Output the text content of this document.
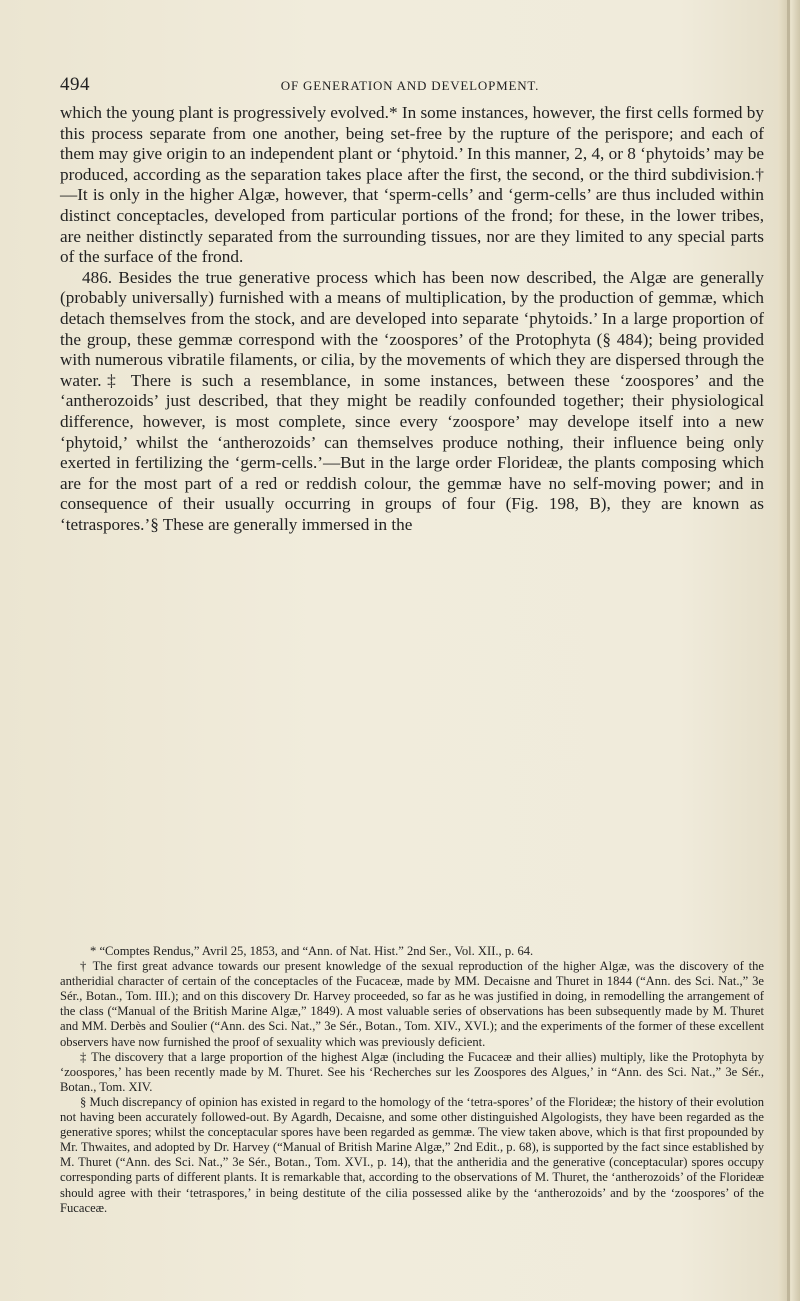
494	OF GENERATION AND DEVELOPMENT.

which the young plant is progressively evolved.* In some instances, however, the first cells formed by this process separate from one another, being set-free by the rupture of the perispore; and each of them may give origin to an independent plant or ‘phytoid.’ In this manner, 2, 4, or 8 ‘phytoids’ may be produced, according as the separation takes place after the first, the second, or the third subdivision.†—It is only in the higher Algæ, however, that ‘sperm-cells’ and ‘germ-cells’ are thus included within distinct conceptacles, developed from particular portions of the frond; for these, in the lower tribes, are neither distinctly separated from the surrounding tissues, nor are they limited to any special parts of the surface of the frond.

486. Besides the true generative process which has been now described, the Algæ are generally (probably universally) furnished with a means of multiplication, by the production of gemmæ, which detach themselves from the stock, and are developed into separate ‘phytoids.’ In a large proportion of the group, these gemmæ correspond with the ‘zoospores’ of the Protophyta (§ 484); being provided with numerous vibratile filaments, or cilia, by the movements of which they are dispersed through the water.‡ There is such a resemblance, in some instances, between these ‘zoospores’ and the ‘antherozoids’ just described, that they might be readily confounded together; their physiological difference, however, is most complete, since every ‘zoospore’ may develope itself into a new ‘phytoid,’ whilst the ‘antherozoids’ can themselves produce nothing, their influence being only exerted in fertilizing the ‘germ-cells.’—But in the large order Florideæ, the plants composing which are for the most part of a red or reddish colour, the gemmæ have no self-moving power; and in consequence of their usually occurring in groups of four (Fig. 198, B), they are known as ‘tetraspores.’§ These are generally immersed in the

* “Comptes Rendus,” Avril 25, 1853, and “Ann. of Nat. Hist.” 2nd Ser., Vol. XII., p. 64.

† The first great advance towards our present knowledge of the sexual reproduction of the higher Algæ, was the discovery of the antheridial character of certain of the conceptacles of the Fucaceæ, made by MM. Decaisne and Thuret in 1844 (“Ann. des Sci. Nat.,” 3e Sér., Botan., Tom. III.); and on this discovery Dr. Harvey proceeded, so far as he was justified in doing, in remodelling the arrangement of the class (“Manual of the British Marine Algæ,” 1849). A most valuable series of observations has been subsequently made by M. Thuret and MM. Derbès and Soulier (“Ann. des Sci. Nat.,” 3e Sér., Botan., Tom. XIV., XVI.); and the experiments of the former of these excellent observers have now furnished the proof of sexuality which was previously deficient.

‡ The discovery that a large proportion of the highest Algæ (including the Fucaceæ and their allies) multiply, like the Protophyta by ‘zoospores,’ has been recently made by M. Thuret. See his ‘Recherches sur les Zoospores des Algues,’ in “Ann. des Sci. Nat.,” 3e Sér., Botan., Tom. XIV.

§ Much discrepancy of opinion has existed in regard to the homology of the ‘tetra-spores’ of the Florideæ; the history of their evolution not having been accurately followed-out. By Agardh, Decaisne, and some other distinguished Algologists, they have been regarded as the generative spores; whilst the conceptacular spores have been regarded as gemmæ. The view taken above, which is that first propounded by Mr. Thwaites, and adopted by Dr. Harvey (“Manual of British Marine Algæ,” 2nd Edit., p. 68), is supported by the fact since established by M. Thuret (“Ann. des Sci. Nat.,” 3e Sér., Botan., Tom. XVI., p. 14), that the antheridia and the generative (conceptacular) spores occupy corresponding parts of different plants. It is remarkable that, according to the observations of M. Thuret, the ‘antherozoids’ of the Florideæ should agree with their ‘tetraspores,’ in being destitute of the cilia possessed alike by the ‘antherozoids’ and by the ‘zoospores’ of the Fucaceæ.
